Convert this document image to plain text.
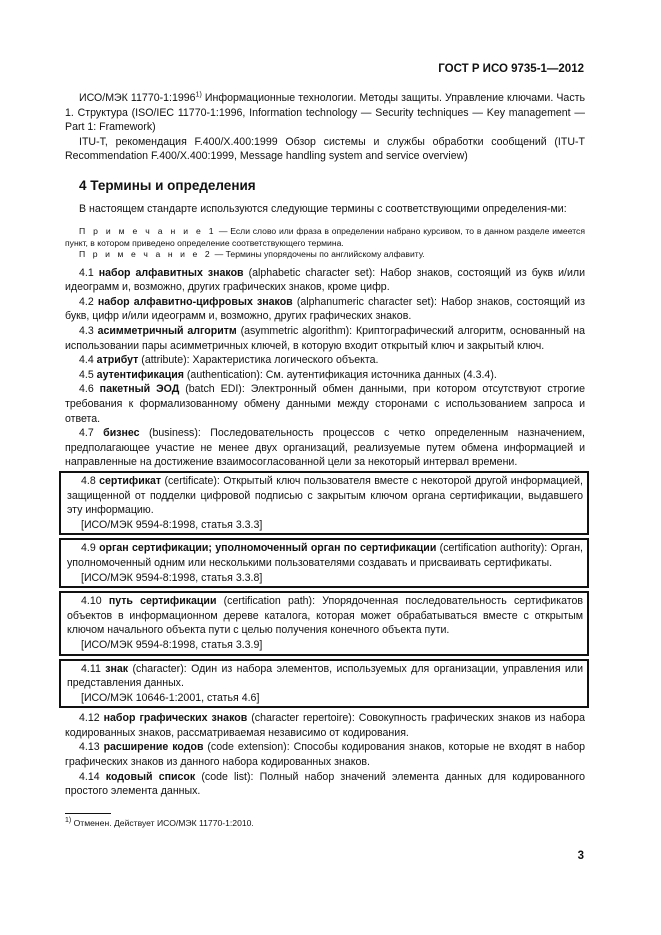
ГОСТ Р ИСО 9735-1—2012

ИСО/МЭК 11770-1:1996$^{1)}$ Информационные технологии. Методы защиты. Управление ключами. Часть 1. Структура (ISO/IEC 11770-1:1996, Information technology — Security techniques — Key management — Part 1: Framework)

ITU-T, рекомендация F.400/X.400:1999 Обзор системы и службы обработки сообщений (ITU-T Recommendation F.400/X.400:1999, Message handling system and service overview)

4 Термины и определения

В настоящем стандарте используются следующие термины с соответствующими определения-ми:

П р и м е ч а н и е 1 — Если слово или фраза в определении набрано курсивом, то в данном разделе имеется пункт, в котором приведено определение соответствующего термина.

П р и м е ч а н и е 2 — Термины упорядочены по английскому алфавиту.

4.1 набор алфавитных знаков (alphabetic character set): Набор знаков, состоящий из букв и/или идеограмм и, возможно, других графических знаков, кроме цифр.

4.2 набор алфавитно-цифровых знаков (alphanumeric character set): Набор знаков, состоящий из букв, цифр и/или идеограмм и, возможно, других графических знаков.

4.3 асимметричный алгоритм (asymmetric algorithm): Криптографический алгоритм, основанный на использовании пары асимметричных ключей, в которую входит открытый ключ и закрытый ключ.

4.4 атрибут (attribute): Характеристика логического объекта.

4.5 аутентификация (authentication): См. аутентификация источника данных (4.3.4).

4.6 пакетный ЭОД (batch EDI): Электронный обмен данными, при котором отсутствуют строгие требования к формализованному обмену данными между сторонами с использованием запроса и ответа.

4.7 бизнес (business): Последовательность процессов с четко определенным назначением, предполагающее участие не менее двух организаций, реализуемые путем обмена информацией и направленные на достижение взаимосогласованной цели за некоторый интервал времени.

4.8 сертификат (certificate): Открытый ключ пользователя вместе с некоторой другой информацией, защищенной от подделки цифровой подписью с закрытым ключом органа сертификации, выдавшего эту информацию.

[ИСО/МЭК 9594-8:1998, статья 3.3.3]

4.9 орган сертификации; уполномоченный орган по сертификации (certification authority): Орган, уполномоченный одним или несколькими пользователями создавать и присваивать сертификаты.

[ИСО/МЭК 9594-8:1998, статья 3.3.8]

4.10 путь сертификации (certification path): Упорядоченная последовательность сертификатов объектов в информационном дереве каталога, которая может обрабатываться вместе с открытым ключом начального объекта пути с целью получения конечного объекта пути.

[ИСО/МЭК 9594-8:1998, статья 3.3.9]

4.11 знак (character): Один из набора элементов, используемых для организации, управления или представления данных.

[ИСО/МЭК 10646-1:2001, статья 4.6]

4.12 набор графических знаков (character repertoire): Совокупность графических знаков из набора кодированных знаков, рассматриваемая независимо от кодирования.

4.13 расширение кодов (code extension): Способы кодирования знаков, которые не входят в набор графических знаков из данного набора кодированных знаков.

4.14 кодовый список (code list): Полный набор значений элемента данных для кодированного простого элемента данных.

$^{1)}$ Отменен. Действует ИСО/МЭК 11770-1:2010.
3
